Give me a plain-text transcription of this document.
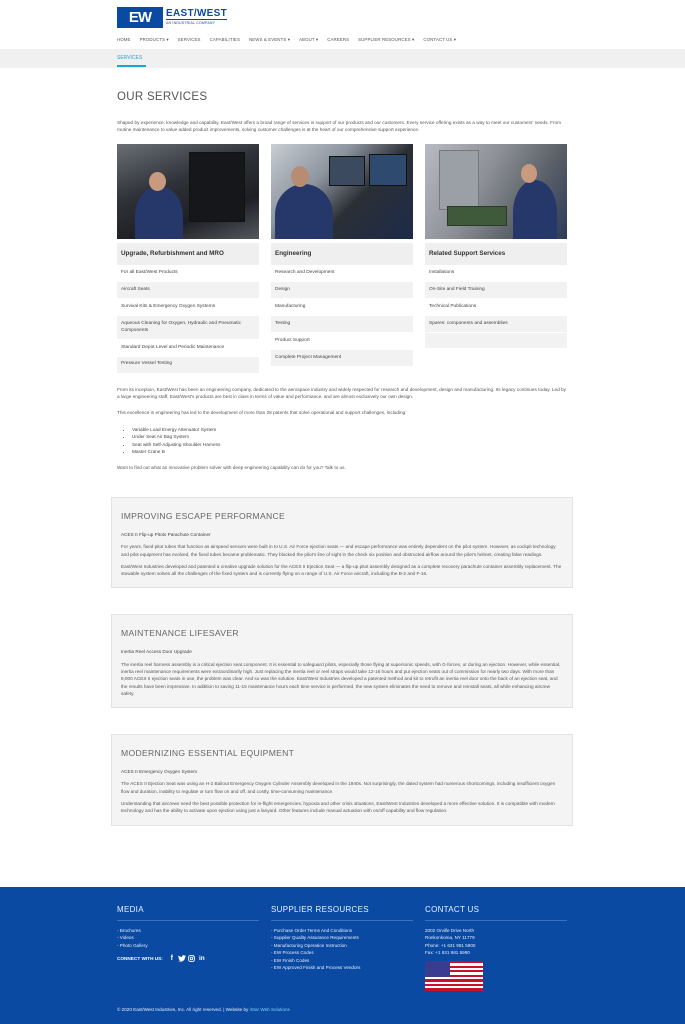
EW	EAST/WEST
AN INDUSTRIAL COMPANY
HOME PRODUCTS ▾ SERVICES CAPABILITIES NEWS & EVENTS ▾ ABOUT ▾ CAREERS SUPPLIER RESOURCES ▾ CONTACT US ▾
SERVICES
OUR SERVICES

Shaped by experience, knowledge and capability, East/West offers a broad range of services in support of our products and our customers. Every service offering exists as a way to meet our customers' needs. From routine maintenance to value added product improvements, solving customer challenges is at the heart of our comprehensive support experience.

Upgrade, Refurbishment and MRO
For all East/West Products
Aircraft Seats
Survival Kits & Emergency Oxygen Systems
Aqueous Cleaning for Oxygen, Hydraulic and Pneumatic Components
Standard Depot Level and Periodic Maintenance
Pressure Vessel Testing
Engineering
Research and Development
Design
Manufacturing
Testing
Product Support
Complete Project Management
Related Support Services
Installations
On-Site and Field Training
Technical Publications
Spares: components and assemblies

From its inception, East/West has been an engineering company, dedicated to the aerospace industry and widely respected for research and development, design and manufacturing. Its legacy continues today. Led by a large engineering staff, East/West's products are best in class in terms of value and performance, and are almost exclusively our own design.

This excellence in engineering has led to the development of more than 28 patents that solve operational and support challenges, including:

• Variable Load Energy Attenuator System
• Under Seat Air Bag System
• Seat with Self-Adjusting Shoulder Harness
• Master Crane B

Want to find out what an innovative problem solver with deep engineering capability can do for you? Talk to us.

IMPROVING ESCAPE PERFORMANCE
ACES II Flip-up Pitots Parachute Container

For years, fixed pitot tubes that function as airspeed sensors were built in to U.S. Air Force ejection seats — and escape performance was entirely dependent on the pilot system. However, as cockpit technology and pilot equipment has evolved, the fixed tubes became problematic. They blocked the pilot's line of sight in the check six position and obstructed airflow around the pilot's helmet, creating false readings.

East/West Industries developed and patented a creative upgrade solution for the ACES II Ejection Seat — a flip-up pitot assembly designed as a complete recovery parachute container assembly replacement. The stowable system solves all the challenges of the fixed system and is currently flying on a range of U.S. Air Force aircraft, including the B-2 and F-16.

MAINTENANCE LIFESAVER
Inertia Reel Access Door Upgrade

The inertia reel harness assembly is a critical ejection seat component. It is essential to safeguard pilots, especially those flying at supersonic speeds, with G-forces, or during an ejection. However, while essential, inertia reel maintenance requirements were extraordinarily high. Just replacing the inertia reel or reel straps would take 12-16 hours and put ejection seats out of commission for nearly two days. With more than 8,000 ACES II ejection seats in use, the problem was clear. And so was the solution. East/West Industries developed a patented method and kit to retrofit an inertia reel door onto the back of an ejection seat, and the results have been impressive. In addition to saving 11-15 maintenance hours each time service is performed, the new system eliminates the need to remove and reinstall seats, all while enhancing aircrew safety.

MODERNIZING ESSENTIAL EQUIPMENT
ACES II Emergency Oxygen System

The ACES II Ejection Seat was using an H-2 Bailout Emergency Oxygen Cylinder Assembly developed in the 1940s. Not surprisingly, the dated system had numerous shortcomings, including insufficient oxygen flow and duration, inability to regulate or turn flow on and off, and costly, time-consuming maintenance.

Understanding that aircrews need the best possible protection for in-flight emergencies, hypoxia and other crisis situations, East/West Industries developed a more effective solution. It is compatible with modern technology and has the ability to activate upon ejection using just a lanyard. Other features include manual actuation with on/off capability and flow regulation.

MEDIA
- Brochures
- Videos
- Photo Gallery
CONNECT WITH US:	f	in
SUPPLIER RESOURCES
- Purchase Order Terms And Conditions
- Supplier Quality Assurance Requirements
- Manufacturing Operation Instruction
- EW Process Codes
- EW Finish Codes
- EW Approved Finish and Process Vendors
CONTACT US
2002 Orville Drive North
Ronkonkoma, NY 11779
Phone: +1 631 981 5900
Fax: +1 631 981 5990
© 2020 East/West Industries, Inc. All right reserved. | Website by iStar Web Solutions
